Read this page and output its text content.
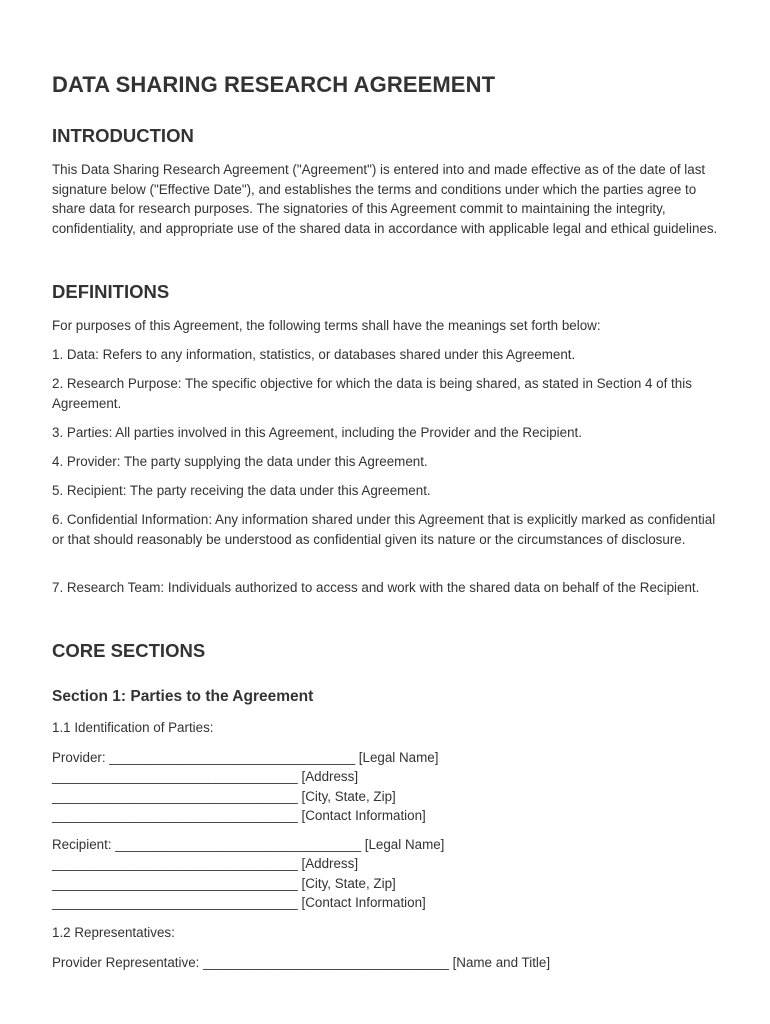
DATA SHARING RESEARCH AGREEMENT
INTRODUCTION

This Data Sharing Research Agreement ("Agreement") is entered into and made effective as of the date of last signature below ("Effective Date"), and establishes the terms and conditions under which the parties agree to share data for research purposes. The signatories of this Agreement commit to maintaining the integrity, confidentiality, and appropriate use of the shared data in accordance with applicable legal and ethical guidelines.

DEFINITIONS

For purposes of this Agreement, the following terms shall have the meanings set forth below:

1. Data: Refers to any information, statistics, or databases shared under this Agreement.

2. Research Purpose: The specific objective for which the data is being shared, as stated in Section 4 of this Agreement.

3. Parties: All parties involved in this Agreement, including the Provider and the Recipient.

4. Provider: The party supplying the data under this Agreement.

5. Recipient: The party receiving the data under this Agreement.

6. Confidential Information: Any information shared under this Agreement that is explicitly marked as confidential or that should reasonably be understood as confidential given its nature or the circumstances of disclosure.

7. Research Team: Individuals authorized to access and work with the shared data on behalf of the Recipient.

CORE SECTIONS
Section 1: Parties to the Agreement

1.1 Identification of Parties:

Provider: _________________________________ [Legal Name]

_________________________________ [Address]

_________________________________ [City, State, Zip]

_________________________________ [Contact Information]

Recipient: _________________________________ [Legal Name]

_________________________________ [Address]

_________________________________ [City, State, Zip]

_________________________________ [Contact Information]

1.2 Representatives:

Provider Representative: _________________________________ [Name and Title]
